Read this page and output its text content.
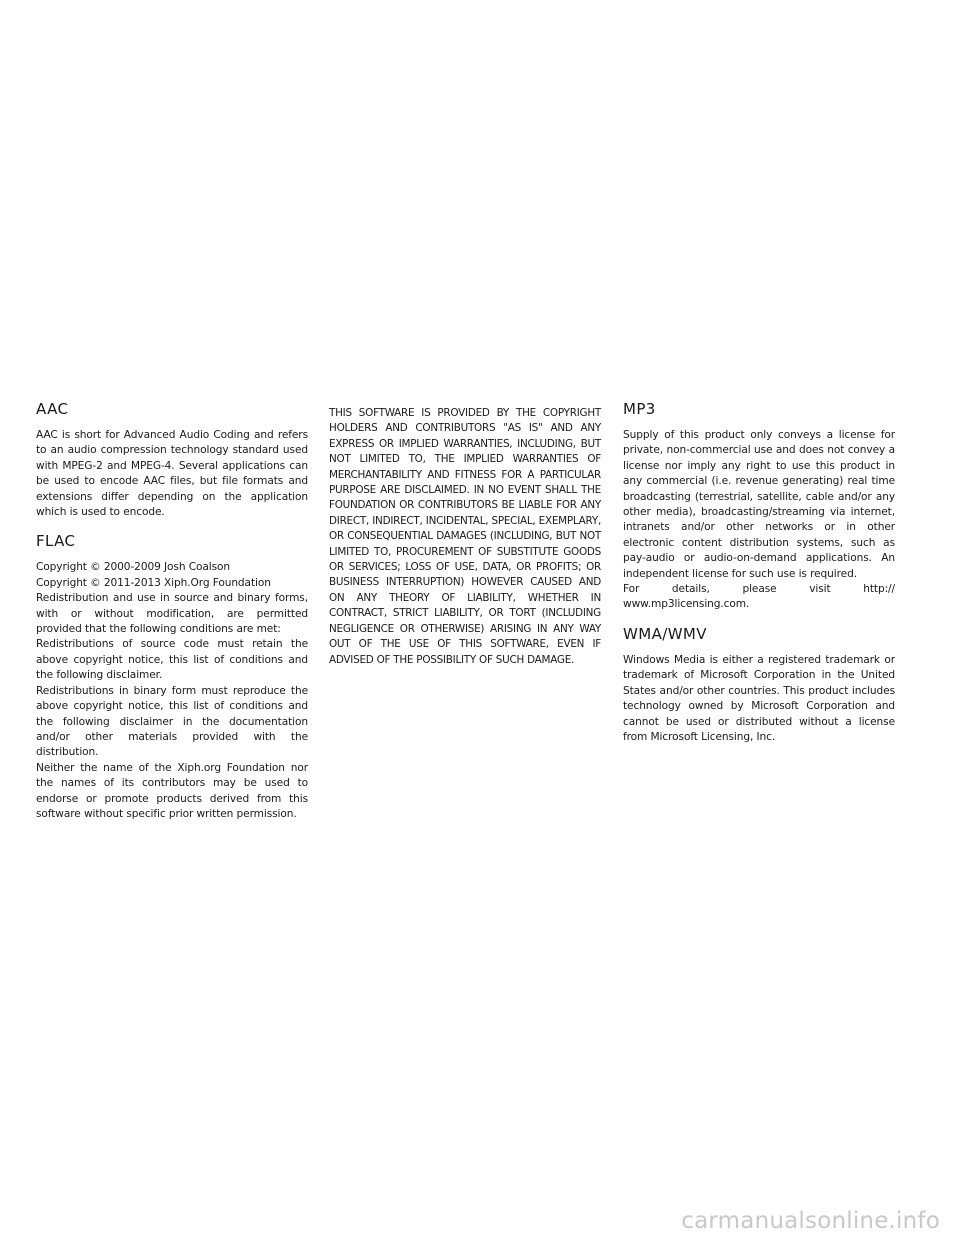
AAC

AAC is short for Advanced Audio Coding and refers to an audio compression technology standard used with MPEG-2 and MPEG-4. Several applications can be used to encode AAC files, but file formats and extensions differ depending on the application which is used to encode.

FLAC

Copyright © 2000-2009 Josh Coalson

Copyright © 2011-2013 Xiph.Org Foundation

Redistribution and use in source and binary forms, with or without modification, are permitted provided that the following conditions are met:

Redistributions of source code must retain the above copyright notice, this list of conditions and the following disclaimer.

Redistributions in binary form must reproduce the above copyright notice, this list of conditions and the following disclaimer in the documentation and/or other materials provided with the distribution.

Neither the name of the Xiph.org Foundation nor the names of its contributors may be used to endorse or promote products derived from this software without specific prior written permission.

THIS SOFTWARE IS PROVIDED BY THE COPYRIGHT HOLDERS AND CONTRIBUTORS "AS IS" AND ANY EXPRESS OR IMPLIED WARRANTIES, INCLUDING, BUT NOT LIMITED TO, THE IMPLIED WARRANTIES OF MERCHANTABILITY AND FITNESS FOR A PARTICULAR PURPOSE ARE DISCLAIMED. IN NO EVENT SHALL THE FOUNDATION OR CONTRIBUTORS BE LIABLE FOR ANY DIRECT, INDIRECT, INCIDENTAL, SPECIAL, EXEMPLARY, OR CONSEQUENTIAL DAMAGES (INCLUDING, BUT NOT LIMITED TO, PROCUREMENT OF SUBSTITUTE GOODS OR SERVICES; LOSS OF USE, DATA, OR PROFITS; OR BUSINESS INTERRUPTION) HOWEVER CAUSED AND ON ANY THEORY OF LIABILITY, WHETHER IN CONTRACT, STRICT LIABILITY, OR TORT (INCLUDING NEGLIGENCE OR OTHERWISE) ARISING IN ANY WAY OUT OF THE USE OF THIS SOFTWARE, EVEN IF ADVISED OF THE POSSIBILITY OF SUCH DAMAGE.

MP3

Supply of this product only conveys a license for private, non-commercial use and does not convey a license nor imply any right to use this product in any commercial (i.e. revenue generating) real time broadcasting (terrestrial, satellite, cable and/or any other media), broadcasting/streaming via internet, intranets and/or other networks or in other electronic content distribution systems, such as pay-audio or audio-on-demand applications. An independent license for such use is required.

For details, please visit http:// www.mp3licensing.com.

WMA/WMV

Windows Media is either a registered trademark or trademark of Microsoft Corporation in the United States and/or other countries. This product includes technology owned by Microsoft Corporation and cannot be used or distributed without a license from Microsoft Licensing, Inc.

carmanualsonline.info
